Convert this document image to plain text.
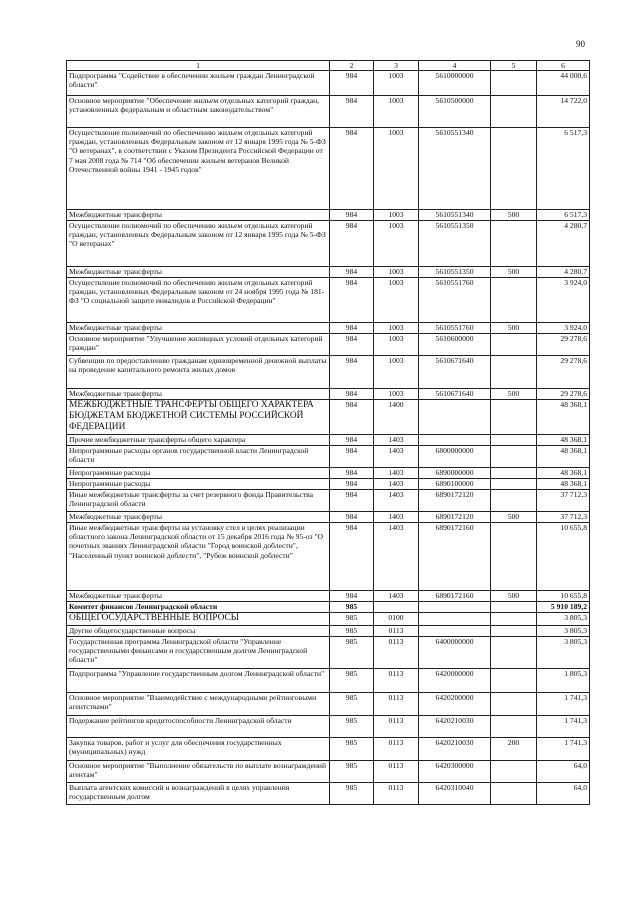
90
1	2	3	4	5	6
Подпрограмма "Содействие в обеспечении жильем граждан Ленинградской области"	984	1003	5610000000		44 000,6
Основное мероприятие "Обеспечение жильем отдельных категорий граждан, установленных федеральным и областным законодательством"	984	1003	5610500000		14 722,0
Осуществление полномочий по обеспечению жильем отдельных категорий граждан, установленных Федеральным законом от 12 января 1995 года № 5-ФЗ "О ветеранах", в соответствии с Указом Президента Российской Федерации от 7 мая 2008 года № 714 "Об обеспечении жильем ветеранов Великой Отечественной войны 1941 - 1945 годов"	984	1003	5610551340		6 517,3
Межбюджетные трансферты	984	1003	5610551340	500	6 517,3
Осуществление полномочий по обеспечению жильем отдельных категорий граждан, установленных Федеральным законом от 12 января 1995 года № 5-ФЗ "О ветеранах"	984	1003	5610551350		4 280,7
Межбюджетные трансферты	984	1003	5610551350	500	4 280,7
Осуществление полномочий по обеспечению жильем отдельных категорий граждан, установленных Федеральным законом от 24 ноября 1995 года № 181-ФЗ "О социальной защите инвалидов в Российской Федерации"	984	1003	5610551760		3 924,0
Межбюджетные трансферты	984	1003	5610551760	500	3 924,0
Основное мероприятие "Улучшение жилищных условий отдельных категорий граждан"	984	1003	5610600000		29 278,6
Субвенции по предоставлению гражданам единовременной денежной выплаты на проведение капитального ремонта жилых домов	984	1003	5610671640		29 278,6
Межбюджетные трансферты	984	1003	5610671640	500	29 278,6
МЕЖБЮДЖЕТНЫЕ ТРАНСФЕРТЫ ОБЩЕГО ХАРАКТЕРА БЮДЖЕТАМ БЮДЖЕТНОЙ СИСТЕМЫ РОССИЙСКОЙ ФЕДЕРАЦИИ	984	1400			48 368,1
Прочие межбюджетные трансферты общего характера	984	1403			48 368,1
Непрограммные расходы органов государственной власти Ленинградской области	984	1403	6800000000		48 368,1
Непрограммные расходы	984	1403	6890000000		48 368,1
Непрограммные расходы	984	1403	6890100000		48 368,1
Иные межбюджетные трансферты за счет резервного фонда Правительства Ленинградской области	984	1403	6890172120		37 712,3
Межбюджетные трансферты	984	1403	6890172120	500	37 712,3
Иные межбюджетные трансферты на установку стел в целях реализации областного закона Ленинградской области от 15 декабря 2016 года № 95-оз "О почетных званиях Ленинградской области "Город воинской доблести", "Населенный пункт воинской доблести", "Рубеж воинской доблести"	984	1403	6890172160		10 655,8
Межбюджетные трансферты	984	1403	6890172160	500	10 655,8
Комитет финансов Ленинградской области	985				5 910 189,2
ОБЩЕГОСУДАРСТВЕННЫЕ ВОПРОСЫ	985	0100			3 805,3
Другие общегосударственные вопросы	985	0113			3 805,3
Государственная программа Ленинградской области "Управление государственными финансами и государственным долгом Ленинградской области"	985	0113	6400000000		3 805,3
Подпрограмма "Управление государственным долгом Ленинградской области"	985	0113	6420000000		1 805,3
Основное мероприятие "Взаимодействие с международными рейтинговыми агентствами"	985	0113	6420200000		1 741,3
Подержание рейтингов кредитоспособности Ленинградской области	985	0113	6420210030		1 741,3
Закупка товаров, работ и услуг для обеспечения государственных (муниципальных) нужд	985	0113	6420210030	200	1 741,3
Основное мероприятие "Выполнение обязательств по выплате вознаграждений агентам"	985	0113	6420300000		64,0
Выплата агентских комиссий и вознаграждений в целях управления государственным долгом	985	0113	6420310040		64,0
